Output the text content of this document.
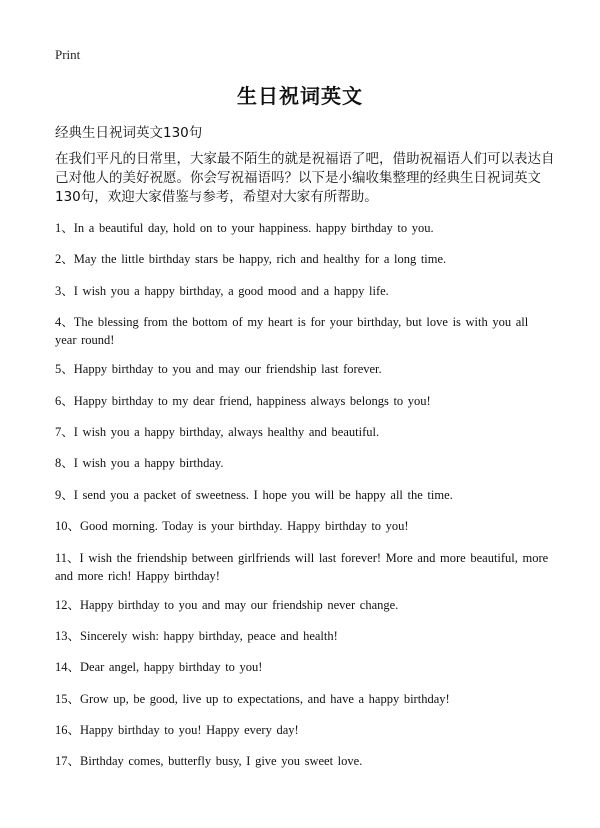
Print
生日祝词英文
经典生日祝词英文130句
在我们平凡的日常里，大家最不陌生的就是祝福语了吧，借助祝福语人们可以表达自己对他人的美好祝愿。你会写祝福语吗？以下是小编收集整理的经典生日祝词英文130句，欢迎大家借鉴与参考，希望对大家有所帮助。
1、In a beautiful day, hold on to your happiness. happy birthday to you.
2、May the little birthday stars be happy, rich and healthy for a long time.
3、I wish you a happy birthday, a good mood and a happy life.
4、The blessing from the bottom of my heart is for your birthday, but love is with you all year round!
5、Happy birthday to you and may our friendship last forever.
6、Happy birthday to my dear friend, happiness always belongs to you!
7、I wish you a happy birthday, always healthy and beautiful.
8、I wish you a happy birthday.
9、I send you a packet of sweetness. I hope you will be happy all the time.
10、Good morning. Today is your birthday. Happy birthday to you!
11、I wish the friendship between girlfriends will last forever! More and more beautiful, more and more rich! Happy birthday!
12、Happy birthday to you and may our friendship never change.
13、Sincerely wish: happy birthday, peace and health!
14、Dear angel, happy birthday to you!
15、Grow up, be good, live up to expectations, and have a happy birthday!
16、Happy birthday to you! Happy every day!
17、Birthday comes, butterfly busy, I give you sweet love.
